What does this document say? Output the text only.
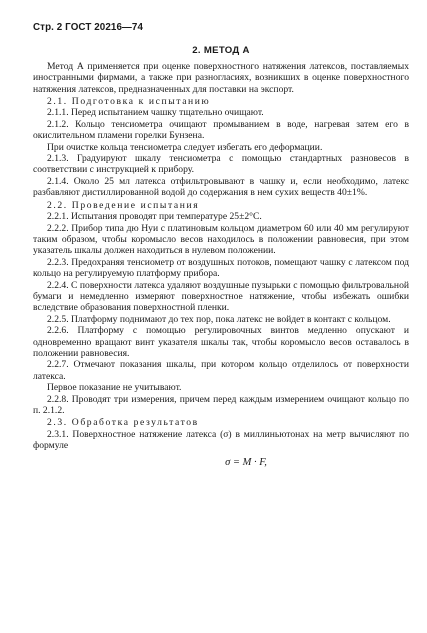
Стр. 2 ГОСТ 20216—74
2. МЕТОД А

Метод А применяется при оценке поверхностного натяжения латексов, поставляемых иностранными фирмами, а также при разногласиях, возникших в оценке поверхностного натяжения латексов, предназначенных для поставки на экспорт.

2.1. Подготовка к испытанию

2.1.1. Перед испытанием чашку тщательно очищают.

2.1.2. Кольцо тенсиометра очищают промыванием в воде, нагревая затем его в окислительном пламени горелки Бунзена.

При очистке кольца тенсиометра следует избегать его деформации.

2.1.3. Градуируют шкалу тенсиометра с помощью стандартных разновесов в соответствии с инструкцией к прибору.

2.1.4. Около 25 мл латекса отфильтровывают в чашку и, если необходимо, латекс разбавляют дистиллированной водой до содержания в нем сухих веществ 40±1%.

2.2. Проведение испытания

2.2.1. Испытания проводят при температуре 25±2°С.

2.2.2. Прибор типа дю Нуи с платиновым кольцом диаметром 60 или 40 мм регулируют таким образом, чтобы коромысло весов находилось в положении равновесия, при этом указатель шкалы должен находиться в нулевом положении.

2.2.3. Предохраняя тенсиометр от воздушных потоков, помещают чашку с латексом под кольцо на регулируемую платформу прибора.

2.2.4. С поверхности латекса удаляют воздушные пузырьки с помощью фильтровальной бумаги и немедленно измеряют поверхностное натяжение, чтобы избежать ошибки вследствие образования поверхностной пленки.

2.2.5. Платформу поднимают до тех пор, пока латекс не войдет в контакт с кольцом.

2.2.6. Платформу с помощью регулировочных винтов медленно опускают и одновременно вращают винт указателя шкалы так, чтобы коромысло весов оставалось в положении равновесия.

2.2.7. Отмечают показания шкалы, при котором кольцо отделилось от поверхности латекса.

Первое показание не учитывают.

2.2.8. Проводят три измерения, причем перед каждым измерением очищают кольцо по п. 2.1.2.

2.3. Обработка результатов

2.3.1. Поверхностное натяжение латекса (σ) в миллиньютонах на метр вычисляют по формуле

σ = M · F,
